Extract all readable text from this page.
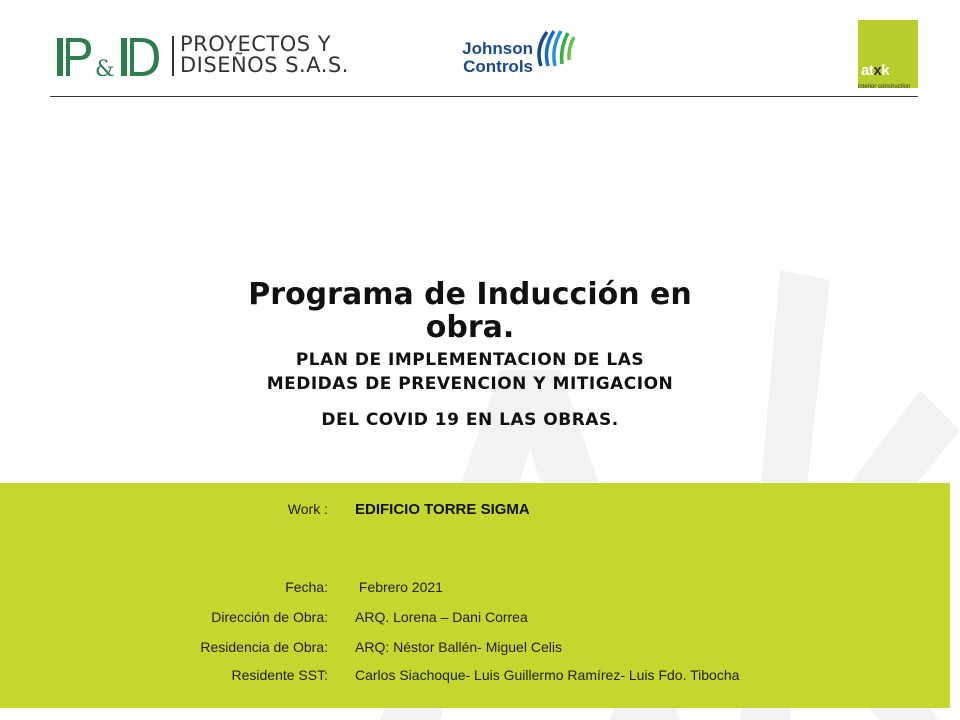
&
PROYECTOS Y
DISEÑOS S.A.S.
Johnson
Controls	atxk
interior construction

Programa de Inducción en obra.

PLAN DE IMPLEMENTACION DE LAS

MEDIDAS DE PREVENCION Y MITIGACION

DEL COVID 19 EN LAS OBRAS.

Work : EDIFICIO TORRE SIGMA
Fecha: Febrero 2021
Dirección de Obra: ARQ. Lorena – Dani Correa
Residencia de Obra: ARQ: Néstor Ballén- Miguel Celis
Residente SST: Carlos Siachoque- Luis Guillermo Ramírez- Luis Fdo. Tibocha
